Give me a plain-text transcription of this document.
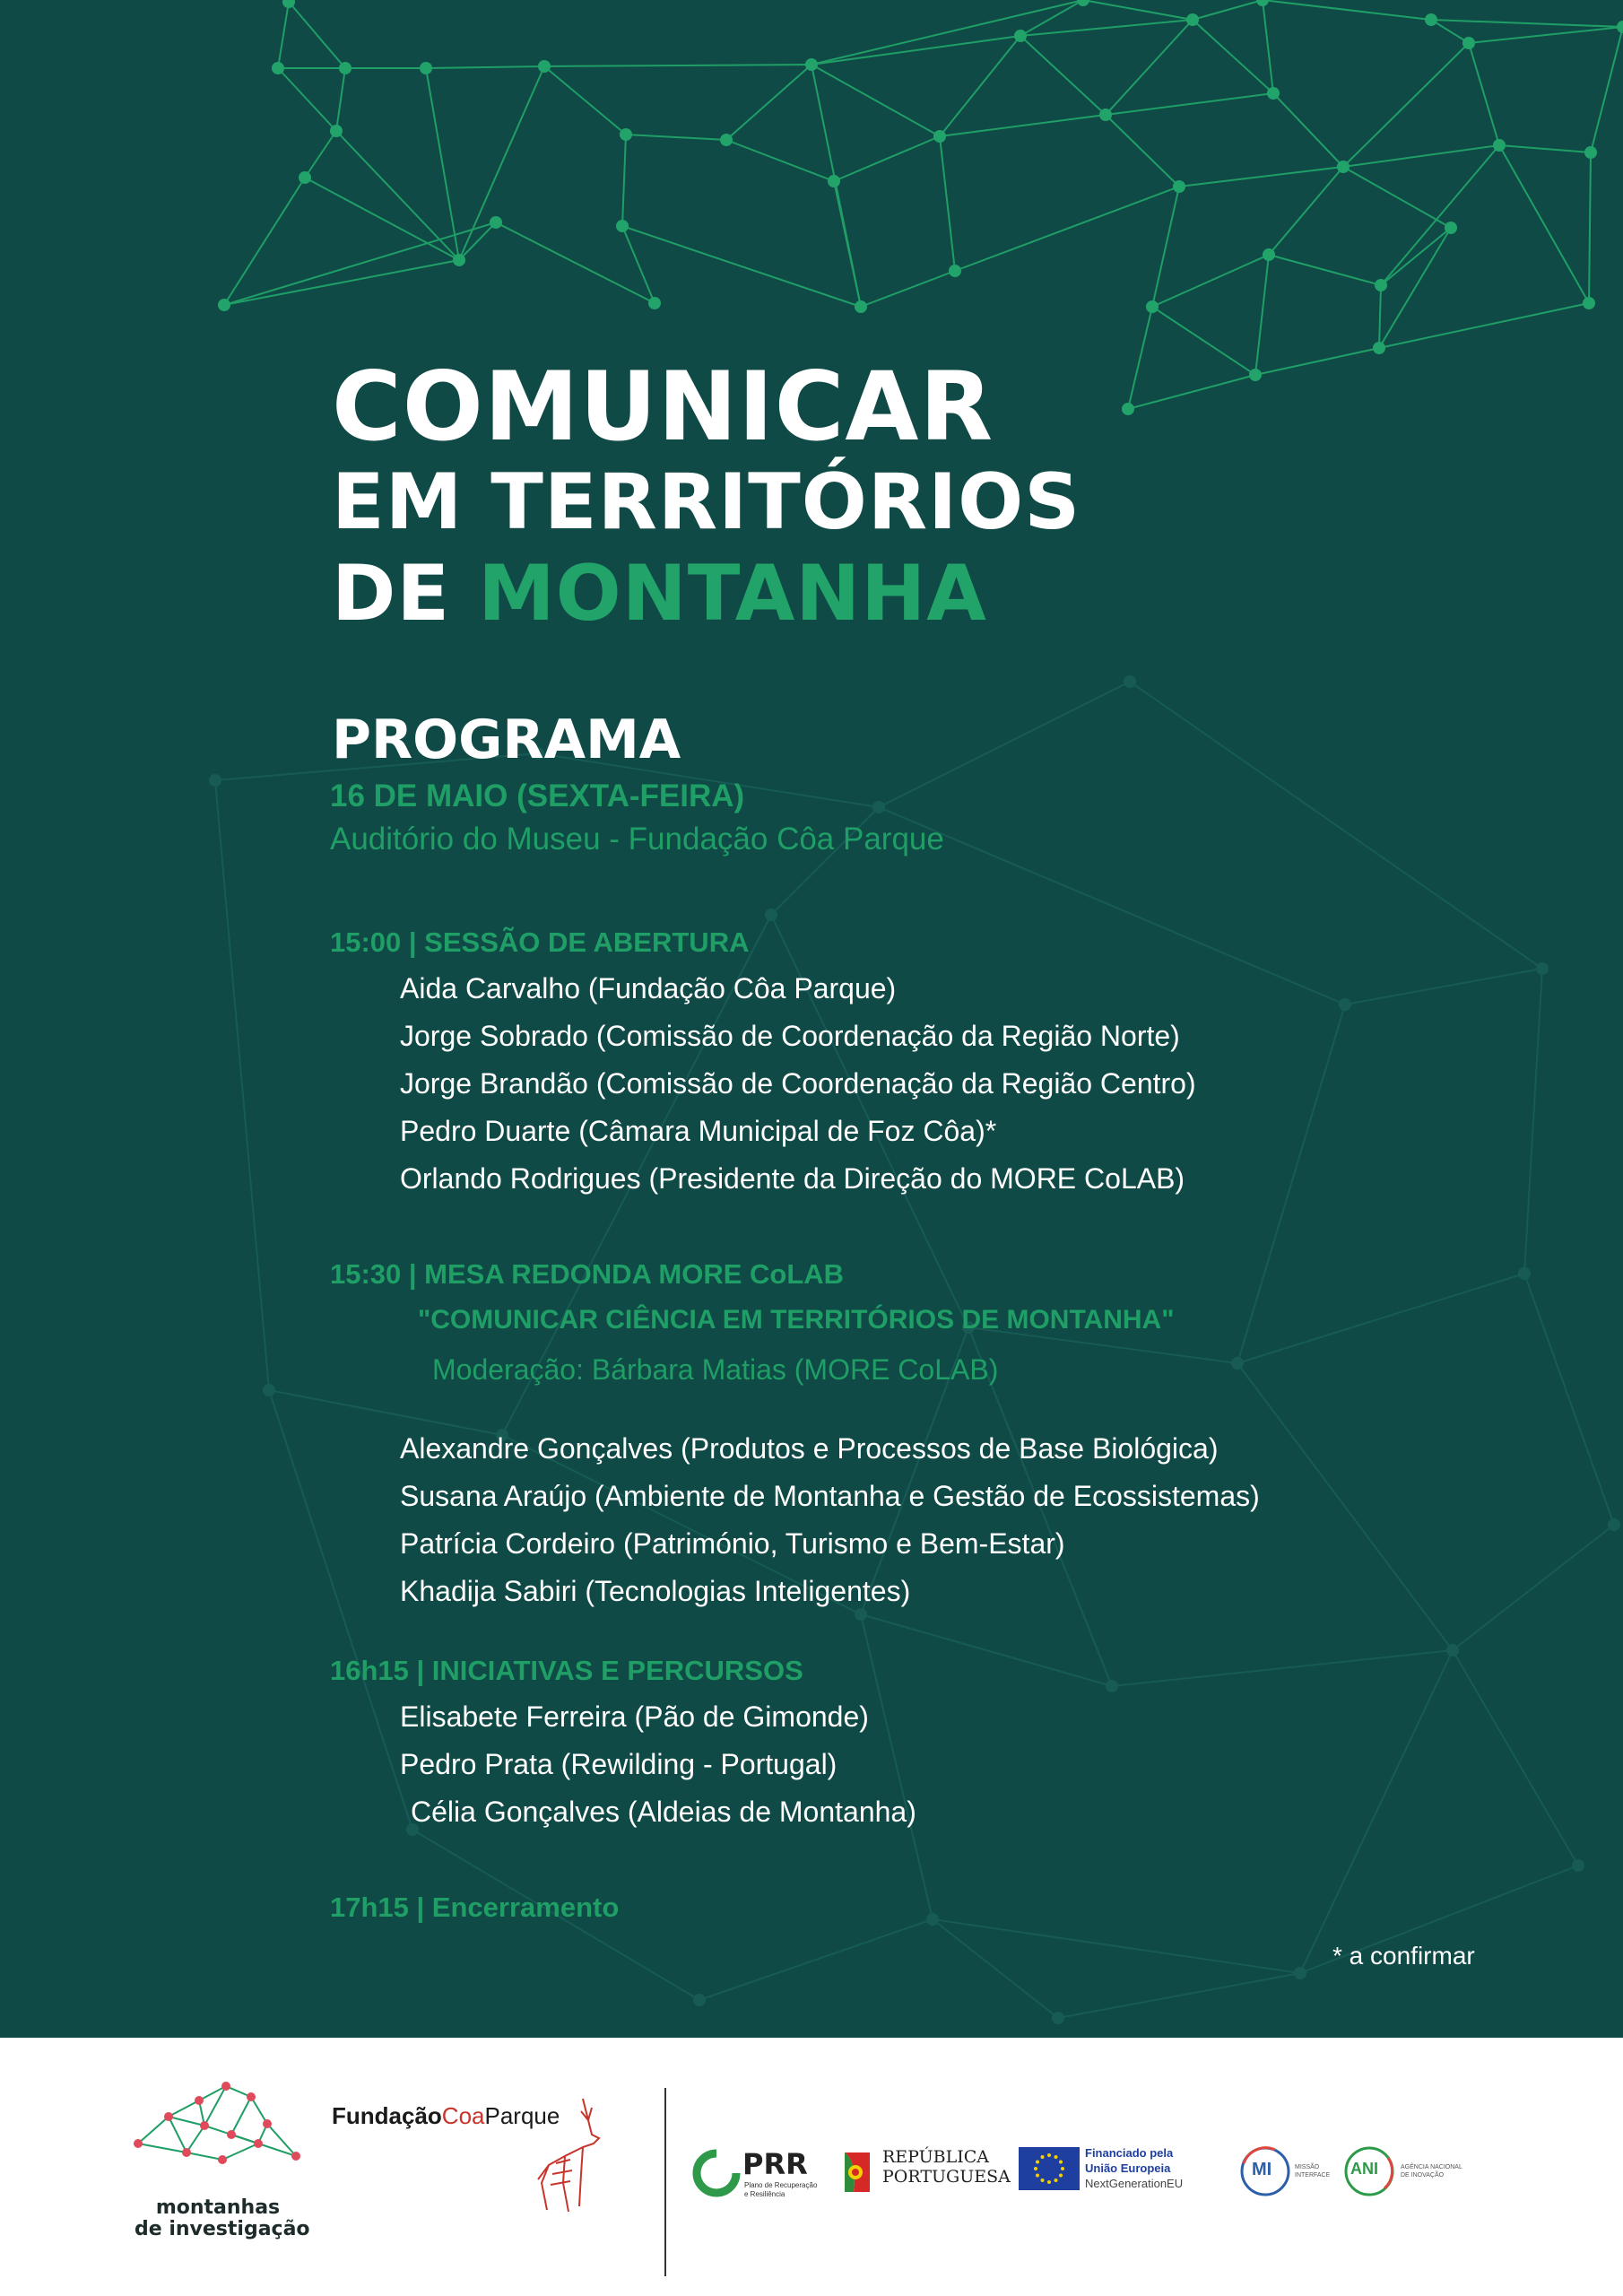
COMUNICAR
EM TERRITÓRIOS
DE MONTANHA
PROGRAMA
16 DE MAIO (SEXTA-FEIRA)
Auditório do Museu - Fundação Côa Parque
15:00 | SESSÃO DE ABERTURA
Aida Carvalho (Fundação Côa Parque)
Jorge Sobrado (Comissão de Coordenação da Região Norte)
Jorge Brandão (Comissão de Coordenação da Região Centro)
Pedro Duarte (Câmara Municipal de Foz Côa)*
Orlando Rodrigues (Presidente da Direção do MORE CoLAB)
15:30 | MESA REDONDA MORE CoLAB
"COMUNICAR CIÊNCIA EM TERRITÓRIOS DE MONTANHA"
Moderação: Bárbara Matias (MORE CoLAB)
Alexandre Gonçalves (Produtos e Processos de Base Biológica)
Susana Araújo (Ambiente de Montanha e Gestão de Ecossistemas)
Patrícia Cordeiro (Património, Turismo e Bem-Estar)
Khadija Sabiri (Tecnologias Inteligentes)
16h15 | INICIATIVAS E PERCURSOS
Elisabete Ferreira (Pão de Gimonde)
Pedro Prata (Rewilding - Portugal)
Célia Gonçalves (Aldeias de Montanha)
17h15 | Encerramento
* a confirmar
montanhas
de investigação
FundaçãoCoaParque
PRR
Plano de Recuperação
e Resiliência
REPÚBLICA
PORTUGUESA
Financiado pela
União Europeia
NextGenerationEU
MI	MISSÃO
INTERFACE ANI	AGÊNCIA NACIONAL
DE INOVAÇÃO
